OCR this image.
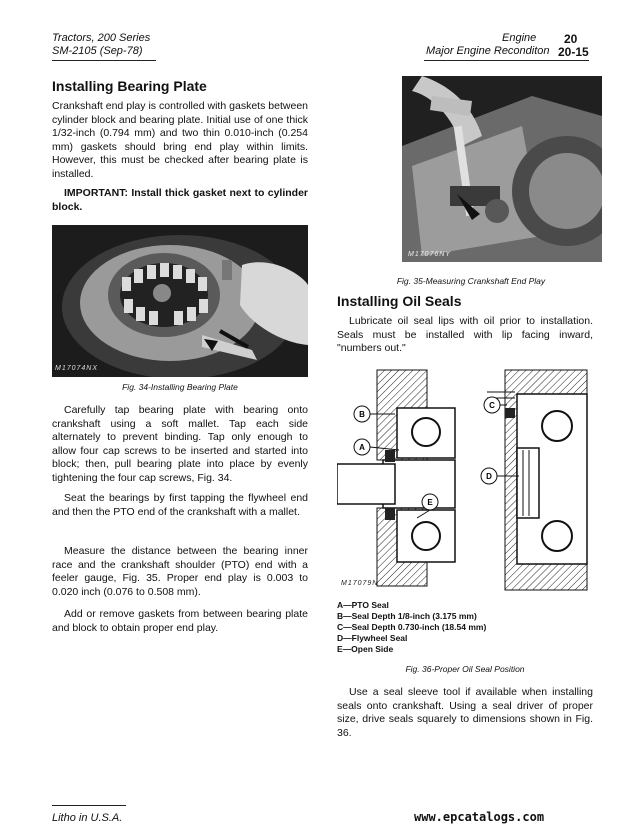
Tractors, 200 Series
SM-2105 (Sep-78)
Engine 20
Major Engine Reconditon 20-15
Installing Bearing Plate

Crankshaft end play is controlled with gaskets between cylinder block and bearing plate. Initial use of one thick 1/32-inch (0.794 mm) and two thin 0.010-inch (0.254 mm) gaskets should bring end play within limits. However, this must be checked after bearing plate is installed.

IMPORTANT: Install thick gasket next to cylinder block.

M17074NX
Fig. 34-Installing Bearing Plate

Carefully tap bearing plate with bearing onto crankshaft using a soft mallet. Tap each side alternately to prevent binding. Tap only enough to allow four cap screws to be inserted and started into block; then, pull bearing plate into place by evenly tightening the four cap screws, Fig. 34.

Seat the bearings by first tapping the flywheel end and then the PTO end of the crankshaft with a mallet.

Measure the distance between the bearing inner race and the crankshaft shoulder (PTO) end with a feeler gauge, Fig. 35. Proper end play is 0.003 to 0.020 inch (0.076 to 0.508 mm).

Add or remove gaskets from between bearing plate and block to obtain proper end play.

M17076NY
Fig. 35-Measuring Crankshaft End Play
Installing Oil Seals

Lubricate oil seal lips with oil prior to installation. Seals must be installed with lip facing inward, "numbers out."

B
A
C
D
E
M17079N
A—PTO Seal
B—Seal Depth 1/8-inch (3.175 mm)
C—Seal Depth 0.730-inch (18.54 mm)
D—Flywheel Seal
E—Open Side
Fig. 36-Proper Oil Seal Position

Use a seal sleeve tool if available when installing seals onto crankshaft. Using a seal driver of proper size, drive seals squarely to dimensions shown in Fig. 36.

Litho in U.S.A.	www.epcatalogs.com
